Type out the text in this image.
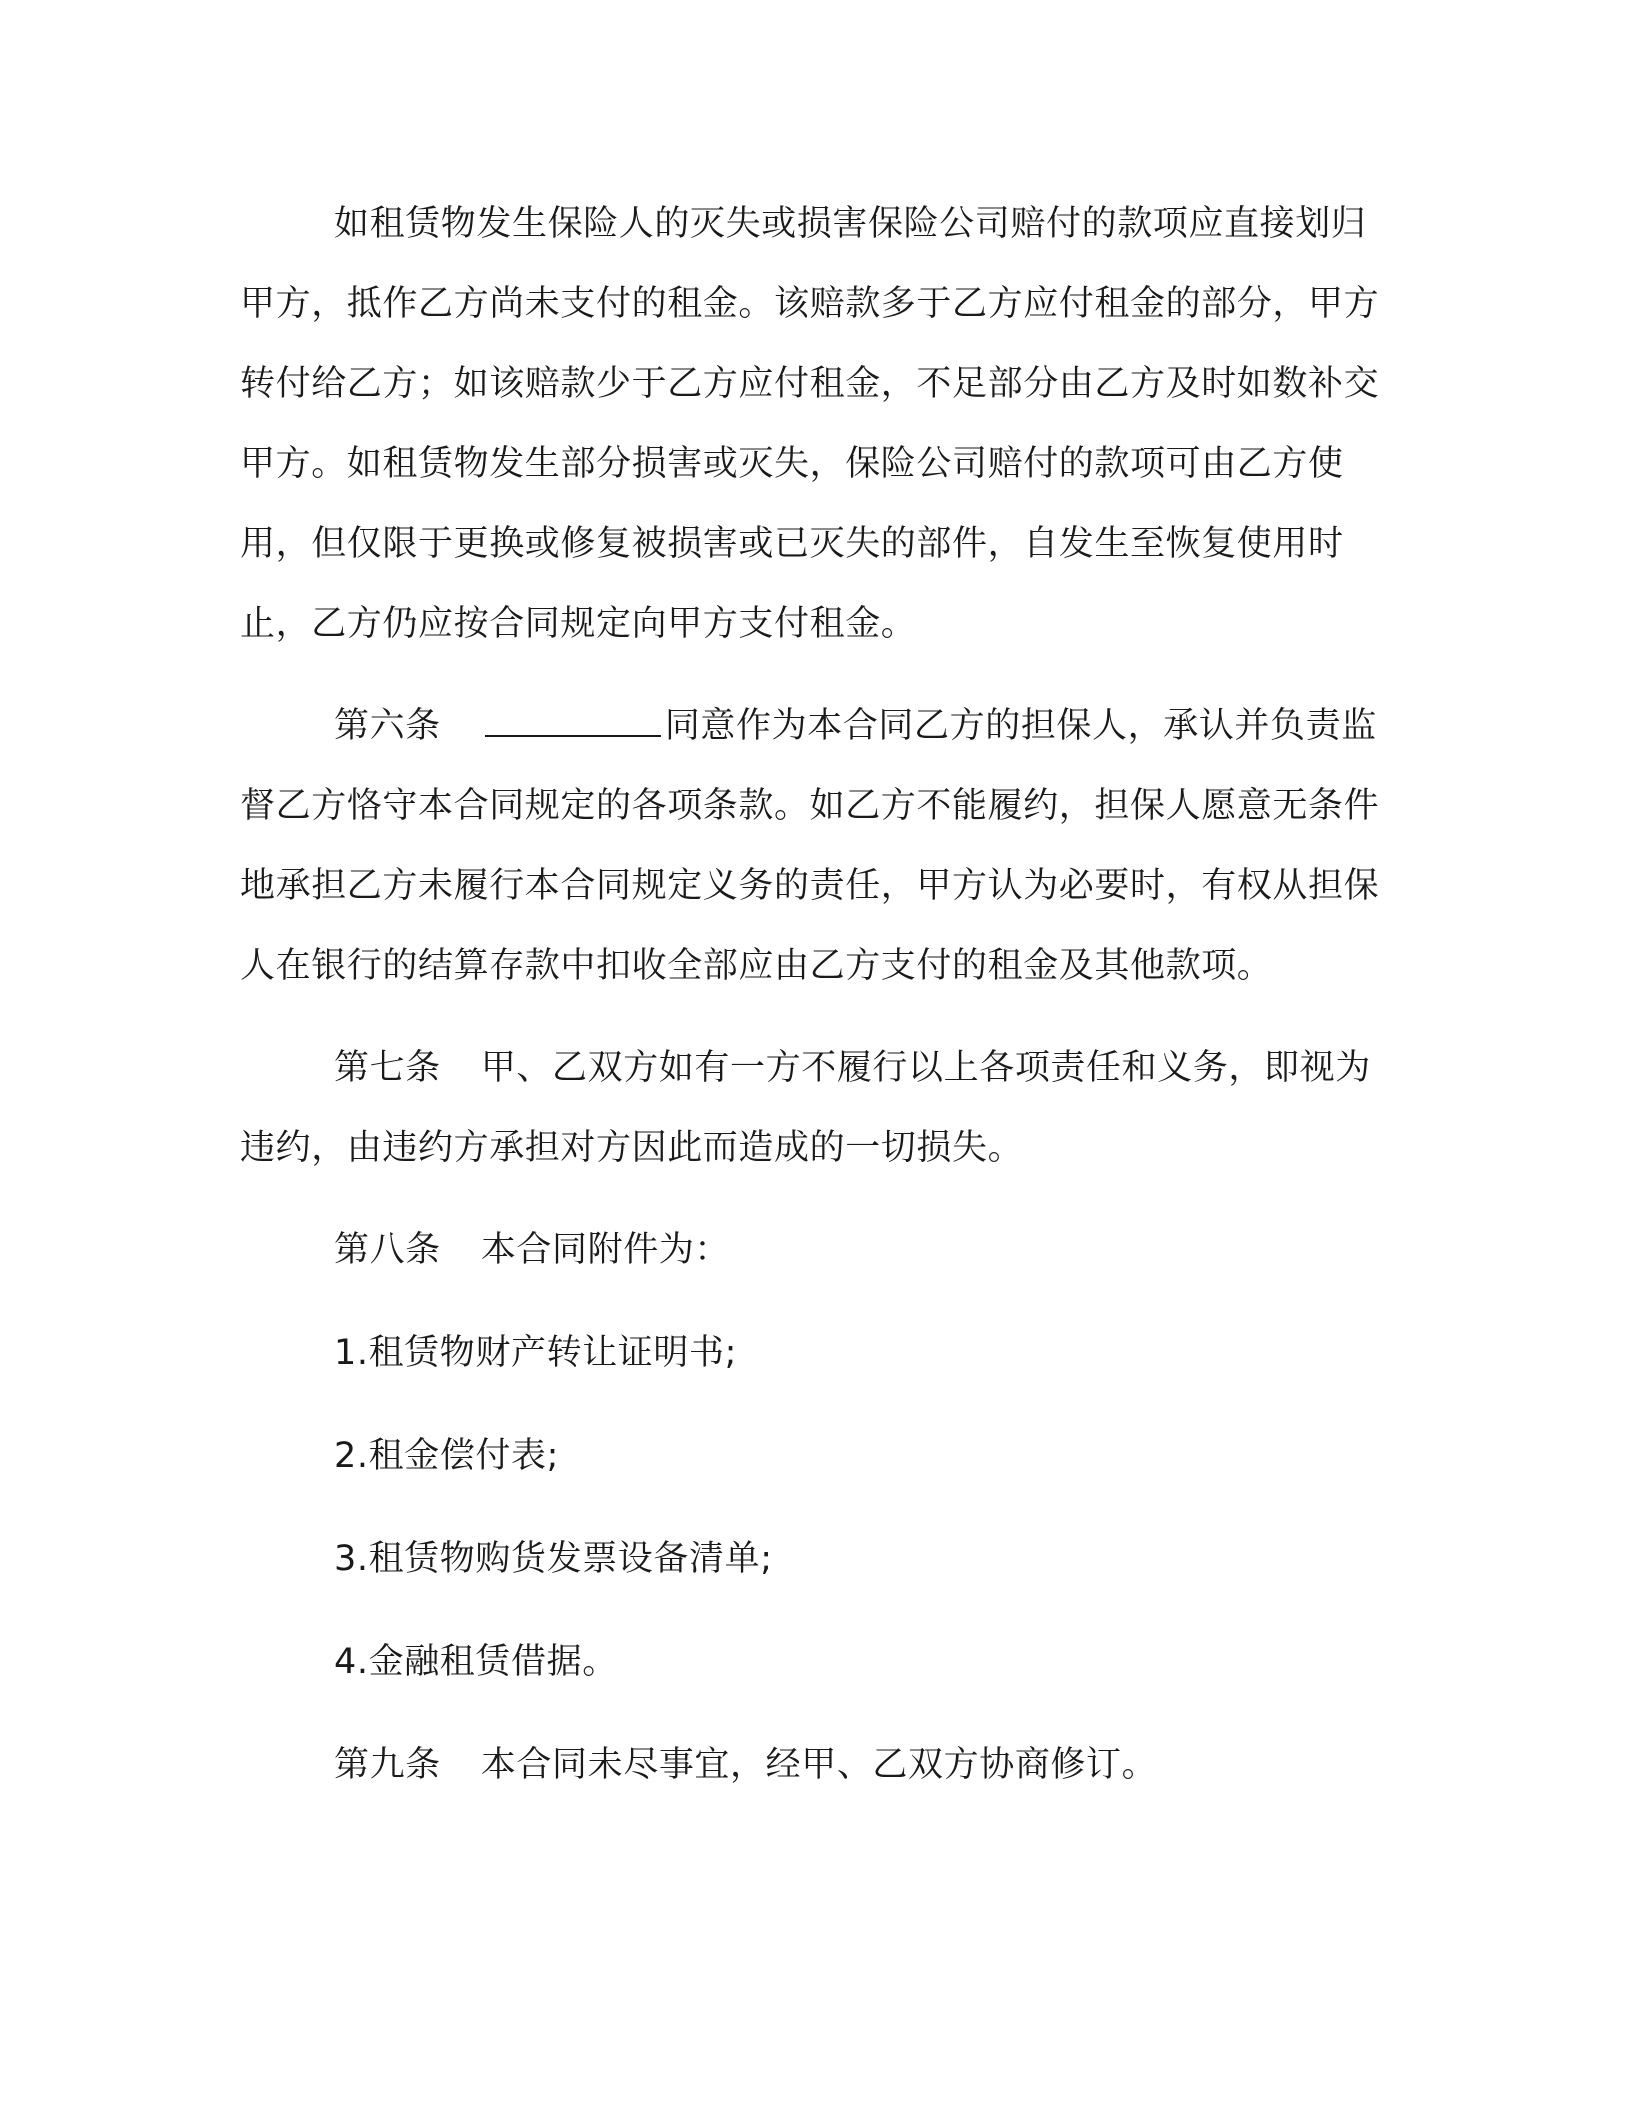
如租赁物发生保险人的灭失或损害保险公司赔付的款项应直接划归甲方，抵作乙方尚未支付的租金。该赔款多于乙方应付租金的部分，甲方转付给乙方；如该赔款少于乙方应付租金，不足部分由乙方及时如数补交甲方。如租赁物发生部分损害或灭失，保险公司赔付的款项可由乙方使用，但仅限于更换或修复被损害或已灭失的部件，自发生至恢复使用时止，乙方仍应按合同规定向甲方支付租金。

第六条	同意作为本合同乙方的担保人，承认并负责监督乙方恪守本合同规定的各项条款。如乙方不能履约，担保人愿意无条件地承担乙方未履行本合同规定义务的责任，甲方认为必要时，有权从担保人在银行的结算存款中扣收全部应由乙方支付的租金及其他款项。

第七条 甲、乙双方如有一方不履行以上各项责任和义务，即视为违约，由违约方承担对方因此而造成的一切损失。

第八条 本合同附件为：

1.租赁物财产转让证明书;

2.租金偿付表;

3.租赁物购货发票设备清单;

4.金融租赁借据。

第九条 本合同未尽事宜，经甲、乙双方协商修订。
